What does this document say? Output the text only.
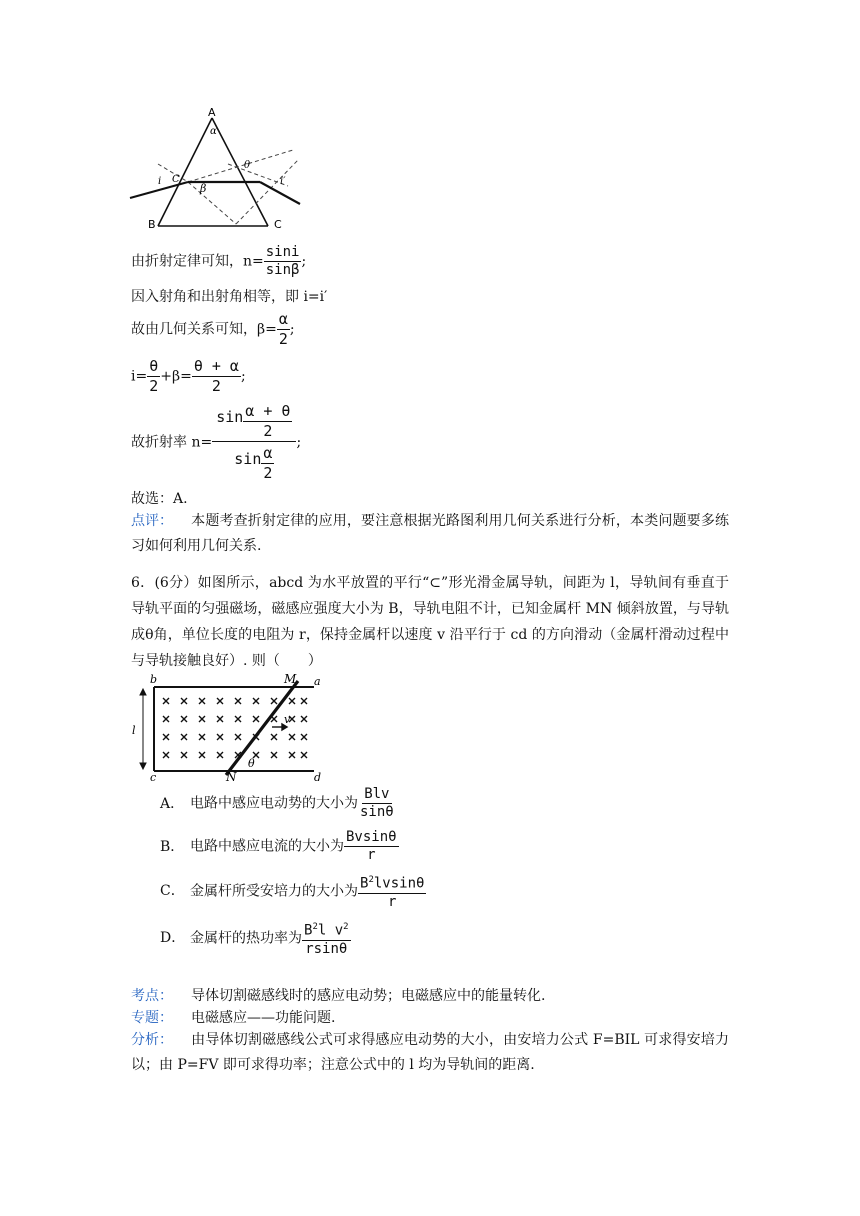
A
α
θ
β
i C	i′
B	C
由折射定律可知，$n= \frac{\sin i}{\sin\beta}$ ;
因入射角和出射角相等，即 i=i′
故由几何关系可知，$\beta= \frac{\alpha}{2}$ ;
$i= \frac{\theta}{2} +\beta= \frac{\theta + \alpha}{2}$ ;
故折射率 $n= \frac{\sin \frac{\alpha + \theta}{2}}{\sin \frac{\alpha}{2}}$ ;
故选：A.
点评： 本题考查折射定律的应用，要注意根据光路图利用几何关系进行分析，本类问题要多练习如何利用几何关系.
6．(6分）如图所示，abcd 为水平放置的平行“⊂”形光滑金属导轨，间距为 l，导轨间有垂直于导轨平面的匀强磁场，磁感应强度大小为 B，导轨电阻不计，已知金属杆 MN 倾斜放置，与导轨成θ角，单位长度的电阻为 r，保持金属杆以速度 v 沿平行于 cd 的方向滑动（金属杆滑动过程中与导轨接触良好）. 则（　　）
l
v
θ
b	M a
c	N	d
A． 电路中感应电动势的大小为 $\frac{\text{Blv}}{\sin\theta}$
B． 电路中感应电流的大小为 $\frac{Bvsin\theta}{r}$
C． 金属杆所受安培力的大小为 $\frac{B^2lvsin\theta}{r}$
D． 金属杆的热功率为 $\frac{B^2l v^2}{rsin\theta}$
考点： 导体切割磁感线时的感应电动势；电磁感应中的能量转化.
专题： 电磁感应——功能问题.
分析： 由导体切割磁感线公式可求得感应电动势的大小，由安培力公式 F=BIL 可求得安培力以；由 P=FV 即可求得功率；注意公式中的 l 均为导轨间的距离.
